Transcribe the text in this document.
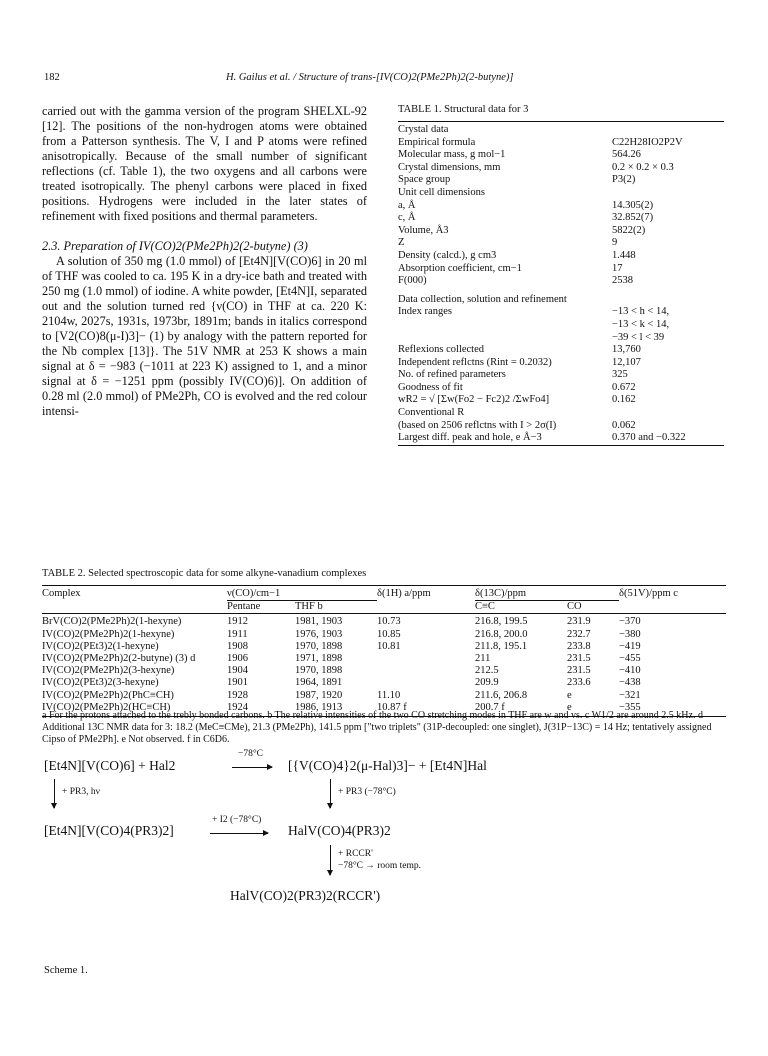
182	H. Gailus et al. / Structure of trans-[IV(CO)2(PMe2Ph)2(2-butyne)]

carried out with the gamma version of the program SHELXL-92 [12]. The positions of the non-hydrogen atoms were obtained from a Patterson synthesis. The V, I and P atoms were refined anisotropically. Because of the small number of significant reflections (cf. Table 1), the two oxygens and all carbons were treated isotropically. The phenyl carbons were placed in fixed positions. Hydrogens were included in the later states of refinement with fixed positions and thermal parameters.

2.3. Preparation of IV(CO)2(PMe2Ph)2(2-butyne) (3)

A solution of 350 mg (1.0 mmol) of [Et4N][V(CO)6] in 20 ml of THF was cooled to ca. 195 K in a dry-ice bath and treated with 250 mg (1.0 mmol) of iodine. A white powder, [Et4N]I, separated out and the solution turned red {ν(CO) in THF at ca. 220 K: 2104w, 2027s, 1931s, 1973br, 1891m; bands in italics correspond to [V2(CO)8(μ-I)3]− (1) by analogy with the pattern reported for the Nb complex [13]}. The 51V NMR at 253 K shows a main signal at δ = −983 (−1011 at 223 K) assigned to 1, and a minor signal at δ = −1251 ppm (possibly IV(CO)6)]. On addition of 0.28 ml (2.0 mmol) of PMe2Ph, CO is evolved and the red colour intensi-

TABLE 1. Structural data for 3
Crystal data	
Empirical formula	C22H28IO2P2V
Molecular mass, g mol−1	564.26
Crystal dimensions, mm	0.2 × 0.2 × 0.3
Space group	P3(2)
Unit cell dimensions	
a, Å	14.305(2)
c, Å	32.852(7)
Volume, Å3	5822(2)
Z	9
Density (calcd.), g cm3	1.448
Absorption coefficient, cm−1	17
F(000)	2538
Data collection, solution and refinement	
Index ranges	−13 < h < 14,
	−13 < k < 14,
	−39 < l < 39
Reflexions collected	13,760
Independent reflctns (Rint = 0.2032)	12,107
No. of refined parameters	325
Goodness of fit	0.672
wR2 = √ [Σw(Fo2 − Fc2)2 /ΣwFo4]	0.162
Conventional R	
(based on 2506 reflctns with I > 2σ(I)	0.062
Largest diff. peak and hole, e Å−3	0.370 and −0.322
TABLE 2. Selected spectroscopic data for some alkyne-vanadium complexes
Complex	ν(CO)/cm−1		δ(1H) a/ppm	δ(13C)/ppm		δ(51V)/ppm c
	Pentane	THF b		C≡C	CO	
BrV(CO)2(PMe2Ph)2(1-hexyne)	1912	1981, 1903	10.73	216.8, 199.5	231.9	−370
IV(CO)2(PMe2Ph)2(1-hexyne)	1911	1976, 1903	10.85	216.8, 200.0	232.7	−380
IV(CO)2(PEt3)2(1-hexyne)	1908	1970, 1898	10.81	211.8, 195.1	233.8	−419
IV(CO)2(PMe2Ph)2(2-butyne) (3) d	1906	1971, 1898		211	231.5	−455
IV(CO)2(PMe2Ph)2(3-hexyne)	1904	1970, 1898		212.5	231.5	−410
IV(CO)2(PEt3)2(3-hexyne)	1901	1964, 1891		209.9	233.6	−438
IV(CO)2(PMe2Ph)2(PhC≡CH)	1928	1987, 1920	11.10	211.6, 206.8	e	−321
IV(CO)2(PMe2Ph)2(HC≡CH)	1924	1986, 1913	10.87 f	200.7 f	e	−355
a For the protons attached to the trebly bonded carbons. b The relative intensities of the two CO stretching modes in THF are w and vs. c W1/2 are around 2.5 kHz. d Additional 13C NMR data for 3: 18.2 (MeC≡CMe), 21.3 (PMe2Ph), 141.5 ppm ["two triplets" (31P-decoupled: one singlet), J(31P−13C) = 14 Hz; tentatively assigned Cipso of PMe2Ph]. e Not observed. f in C6D6.
[Et4N][V(CO)6] + Hal2
−78°C
[{V(CO)4}2(μ-Hal)3]− + [Et4N]Hal
+ PR3, hν	+ PR3 (−78°C)
[Et4N][V(CO)4(PR3)2]
+ I2 (−78°C)
HalV(CO)4(PR3)2
+ RCCR'
−78°C → room temp.
HalV(CO)2(PR3)2(RCCR')
Scheme 1.
